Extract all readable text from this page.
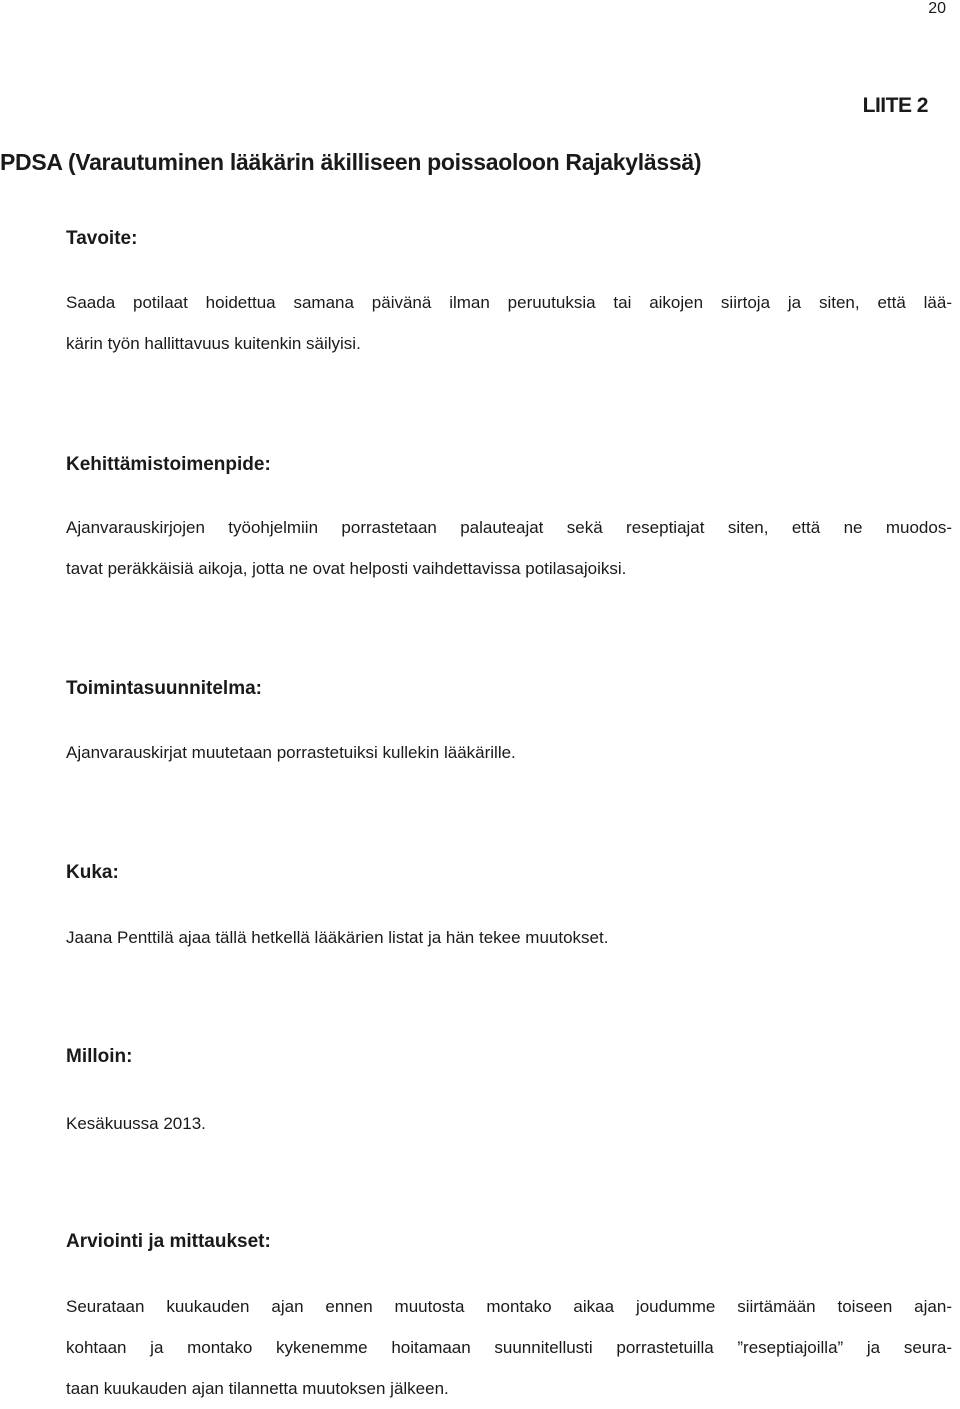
20
LIITE 2
PDSA (Varautuminen lääkärin äkilliseen poissaoloon Rajakylässä)
Tavoite:
Saada potilaat hoidettua samana päivänä ilman peruutuksia tai aikojen siirtoja ja siten, että lää-
kärin työn hallittavuus kuitenkin säilyisi.
Kehittämistoimenpide:
Ajanvarauskirjojen työohjelmiin porrastetaan palauteajat sekä reseptiajat siten, että ne muodos-
tavat peräkkäisiä aikoja, jotta ne ovat helposti vaihdettavissa potilasajoiksi.
Toimintasuunnitelma:
Ajanvarauskirjat muutetaan porrastetuiksi kullekin lääkärille.
Kuka:
Jaana Penttilä ajaa tällä hetkellä lääkärien listat ja hän tekee muutokset.
Milloin:
Kesäkuussa 2013.
Arviointi ja mittaukset:
Seurataan kuukauden ajan ennen muutosta montako aikaa joudumme siirtämään toiseen ajan-
kohtaan ja montako kykenemme hoitamaan suunnitellusti porrastetuilla ”reseptiajoilla” ja seura-
taan kuukauden ajan tilannetta muutoksen jälkeen.
